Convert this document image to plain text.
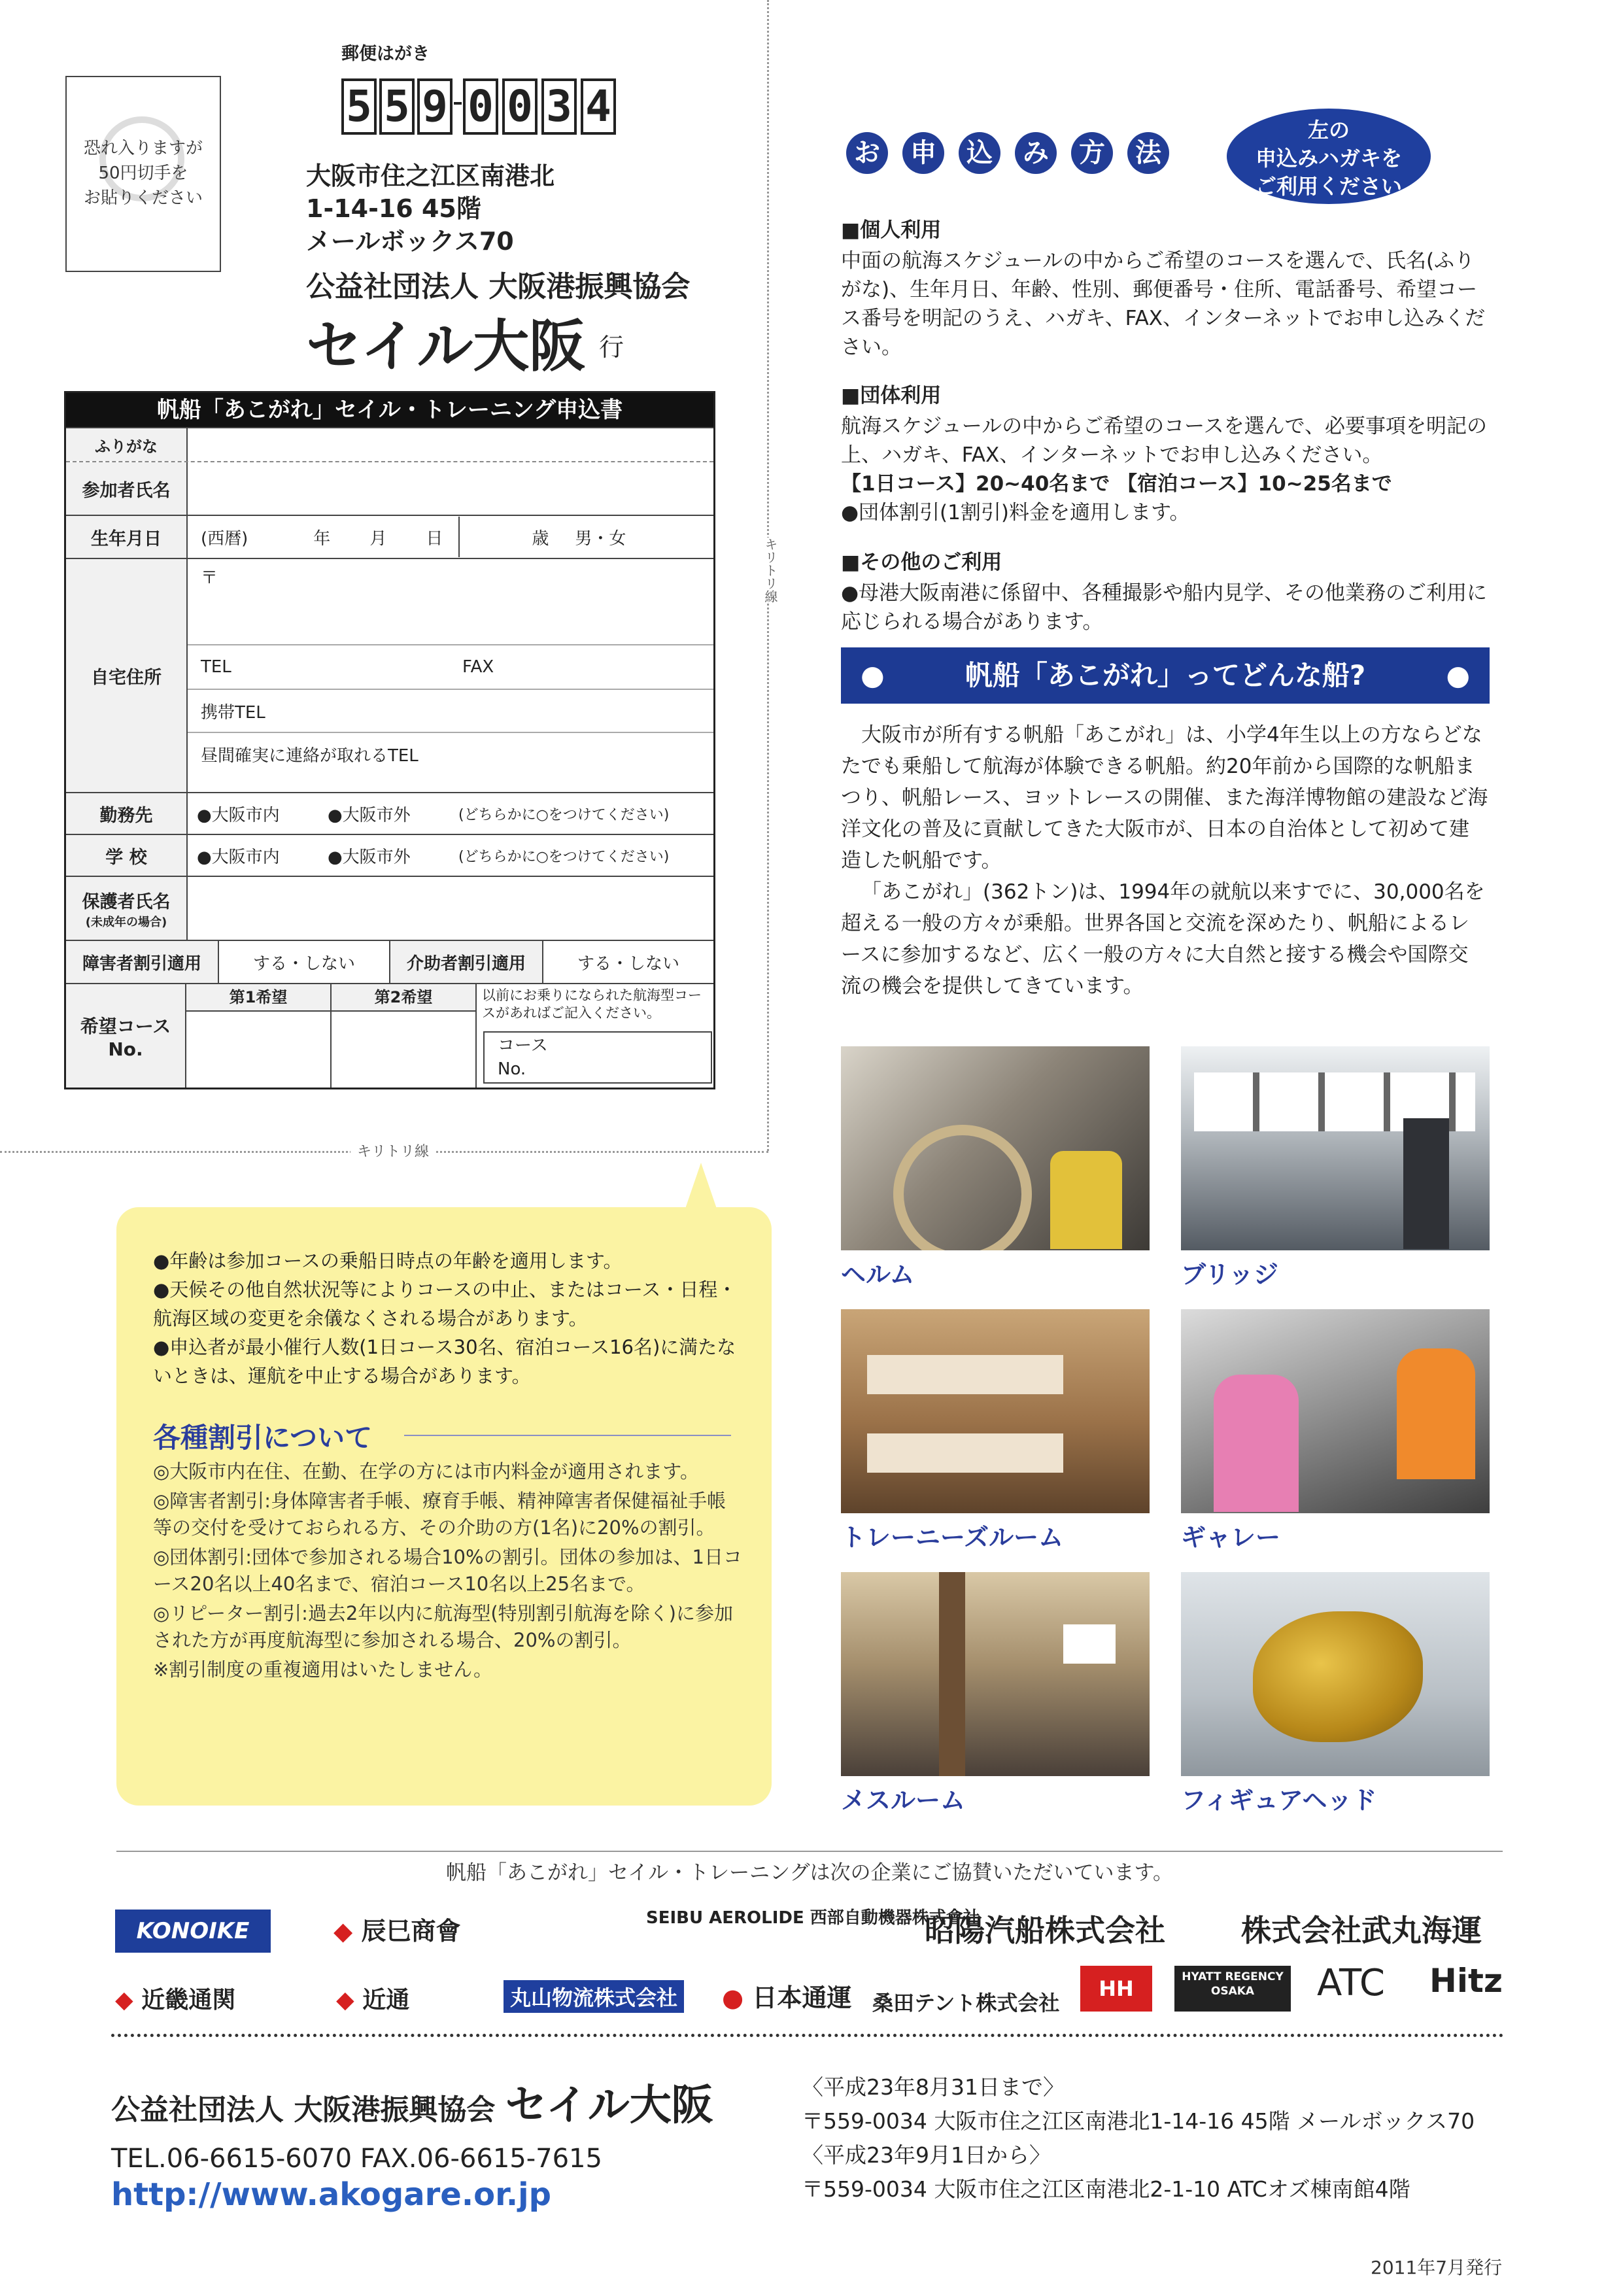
恐れ入りますが
50円切手を
お貼りください
郵便はがき
5 5 9 0 0 3 4
大阪市住之江区南港北
1-14-16 45階
メールボックス70
公益社団法人 大阪港振興協会
セイル大阪 行
帆船「あこがれ」セイル・トレーニング申込書
ふりがな
参加者氏名
生年月日	(西暦)	年 月 日	歳 男・女
自宅住所
〒
TEL	FAX
携帯TEL
昼間確実に連絡が取れるTEL
勤務先	●大阪市内	●大阪市外	(どちらかに○をつけてください)
学 校	●大阪市内	●大阪市外	(どちらかに○をつけてください)
保護者氏名
(未成年の場合)
障害者割引適用	する・しない	介助者割引適用	する・しない
希望コース No.
第1希望	第2希望	以前にお乗りになられた航海型コースがあればご記入ください。
コース
No.
キリトリ線
キリトリ線

●年齢は参加コースの乗船日時点の年齢を適用します。

●天候その他自然状況等によりコースの中止、またはコース・日程・航海区域の変更を余儀なくされる場合があります。

●申込者が最小催行人数(1日コース30名、宿泊コース16名)に満たないときは、運航を中止する場合があります。

各種割引について

◎大阪市内在住、在勤、在学の方には市内料金が適用されます。

◎障害者割引:身体障害者手帳、療育手帳、精神障害者保健福祉手帳等の交付を受けておられる方、その介助の方(1名)に20%の割引。

◎団体割引:団体で参加される場合10%の割引。団体の参加は、1日コース20名以上40名まで、宿泊コース10名以上25名まで。

◎リピーター割引:過去2年以内に航海型(特別割引航海を除く)に参加された方が再度航海型に参加される場合、20%の割引。

※割引制度の重複適用はいたしません。

お	申	込	み	方	法
左の
申込みハガキを
ご利用ください
■個人利用
中面の航海スケジュールの中からご希望のコースを選んで、氏名(ふりがな)、生年月日、年齢、性別、郵便番号・住所、電話番号、希望コース番号を明記のうえ、ハガキ、FAX、インターネットでお申し込みください。
■団体利用
航海スケジュールの中からご希望のコースを選んで、必要事項を明記の上、ハガキ、FAX、インターネットでお申し込みください。
【1日コース】20~40名まで 【宿泊コース】10~25名まで
●団体割引(1割引)料金を適用します。
■その他のご利用
●母港大阪南港に係留中、各種撮影や船内見学、その他業務のご利用に応じられる場合があります。
●	帆船「あこがれ」ってどんな船?	●
大阪市が所有する帆船「あこがれ」は、小学4年生以上の方ならどなたでも乗船して航海が体験できる帆船。約20年前から国際的な帆船まつり、帆船レース、ヨットレースの開催、また海洋博物館の建設など海洋文化の普及に貢献してきた大阪市が、日本の自治体として初めて建造した帆船です。
「あこがれ」(362トン)は、1994年の就航以来すでに、30,000名を超える一般の方々が乗船。世界各国と交流を深めたり、帆船によるレースに参加するなど、広く一般の方々に大自然と接する機会や国際交流の機会を提供してきています。
ヘルム	ブリッジ
トレーニーズルーム	ギャレー
メスルーム	フィギュアヘッド
帆船「あこがれ」セイル・トレーニングは次の企業にご協賛いただいています。
KONOIKE	◆ 辰巳商會	SEIBU AEROLIDE 西部自動機器株式會社
昭陽汽船株式会社	株式会社武丸海運
◆ 近畿通関	◆ 近通	丸山物流株式会社 ● 日本通運 桑田テント株式会社
HH	HYATT REGENCY OSAKA	ATC Hitz
公益社団法人 大阪港振興協会 セイル大阪
TEL.06-6615-6070 FAX.06-6615-7615
http://www.akogare.or.jp
〈平成23年8月31日まで〉
〒559-0034 大阪市住之江区南港北1-14-16 45階 メールボックス70
〈平成23年9月1日から〉
〒559-0034 大阪市住之江区南港北2-1-10 ATCオズ棟南館4階
2011年7月発行
